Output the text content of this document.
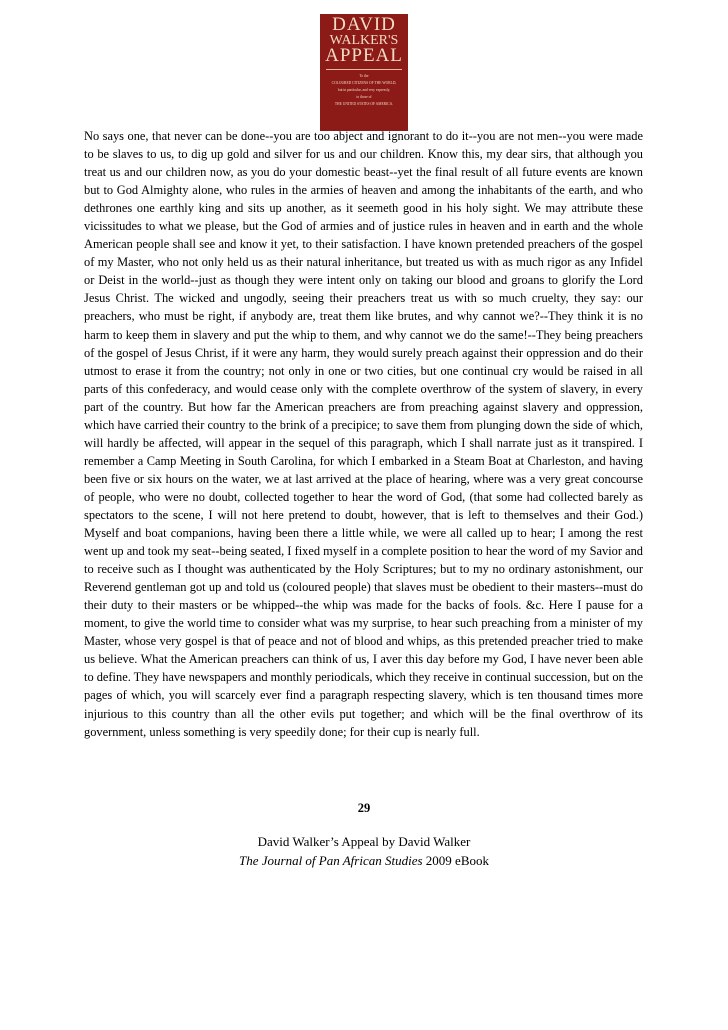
DAVID
WALKER'S
APPEAL
To the
COLOURED CITIZENS OF THE WORLD,
but in particular, and very expressly,
to those of
THE UNITED STATES OF AMERICA.

No says one, that never can be done--you are too abject and ignorant to do it--you are not men--you were made to be slaves to us, to dig up gold and silver for us and our children. Know this, my dear sirs, that although you treat us and our children now, as you do your domestic beast--yet the final result of all future events are known but to God Almighty alone, who rules in the armies of heaven and among the inhabitants of the earth, and who dethrones one earthly king and sits up another, as it seemeth good in his holy sight. We may attribute these vicissitudes to what we please, but the God of armies and of justice rules in heaven and in earth and the whole American people shall see and know it yet, to their satisfaction. I have known pretended preachers of the gospel of my Master, who not only held us as their natural inheritance, but treated us with as much rigor as any Infidel or Deist in the world--just as though they were intent only on taking our blood and groans to glorify the Lord Jesus Christ. The wicked and ungodly, seeing their preachers treat us with so much cruelty, they say: our preachers, who must be right, if anybody are, treat them like brutes, and why cannot we?--They think it is no harm to keep them in slavery and put the whip to them, and why cannot we do the same!--They being preachers of the gospel of Jesus Christ, if it were any harm, they would surely preach against their oppression and do their utmost to erase it from the country; not only in one or two cities, but one continual cry would be raised in all parts of this confederacy, and would cease only with the complete overthrow of the system of slavery, in every part of the country. But how far the American preachers are from preaching against slavery and oppression, which have carried their country to the brink of a precipice; to save them from plunging down the side of which, will hardly be affected, will appear in the sequel of this paragraph, which I shall narrate just as it transpired. I remember a Camp Meeting in South Carolina, for which I embarked in a Steam Boat at Charleston, and having been five or six hours on the water, we at last arrived at the place of hearing, where was a very great concourse of people, who were no doubt, collected together to hear the word of God, (that some had collected barely as spectators to the scene, I will not here pretend to doubt, however, that is left to themselves and their God.) Myself and boat companions, having been there a little while, we were all called up to hear; I among the rest went up and took my seat--being seated, I fixed myself in a complete position to hear the word of my Savior and to receive such as I thought was authenticated by the Holy Scriptures; but to my no ordinary astonishment, our Reverend gentleman got up and told us (coloured people) that slaves must be obedient to their masters--must do their duty to their masters or be whipped--the whip was made for the backs of fools. &c. Here I pause for a moment, to give the world time to consider what was my surprise, to hear such preaching from a minister of my Master, whose very gospel is that of peace and not of blood and whips, as this pretended preacher tried to make us believe. What the American preachers can think of us, I aver this day before my God, I have never been able to define. They have newspapers and monthly periodicals, which they receive in continual succession, but on the pages of which, you will scarcely ever find a paragraph respecting slavery, which is ten thousand times more injurious to this country than all the other evils put together; and which will be the final overthrow of its government, unless something is very speedily done; for their cup is nearly full.

29
David Walker’s Appeal by David Walker
The Journal of Pan African Studies 2009 eBook
